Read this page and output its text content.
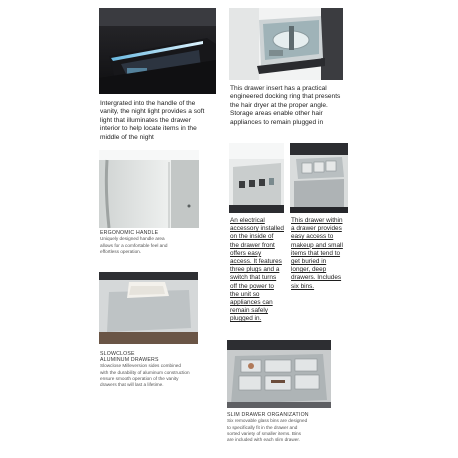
Intergrated into the handle of the
vanity, the night light provides a soft
light that illuminates the drawer
interior to help locate items in the
middle of the night

This drawer insert has a practical
engineered docking ring that presents
the hair dryer at the proper angle.
Storage areas enable other hair
appliances to remain plugged in

ERGONOMIC HANDLE
Uniquely designed handle area
allows for a comfortable feel and
effortless operation.

An electrical
accessory installed
on the inside of
the drawer front
offers easy
access. It features
three plugs and a
switch that turns
off the power to
the unit so
appliances can
remain safely
plugged in.

This drawer within
a drawer provides
easy access to
makeup and small
items that tend to
get buried in
longer, deep
drawers. Includes
six bins.

SLOWCLOSE
ALUMINUM DRAWERS
Slowclose Milleversion sides combined
with the durability of aluminum construction
ensure smooth operation of the vanity
drawers that will last a lifetime.
SLIM DRAWER ORGANIZATION
Six removable glass bins are designed
to specifically fit in the drawer and
sorted variety of smaller items. Bins
are included with each slim drawer.
